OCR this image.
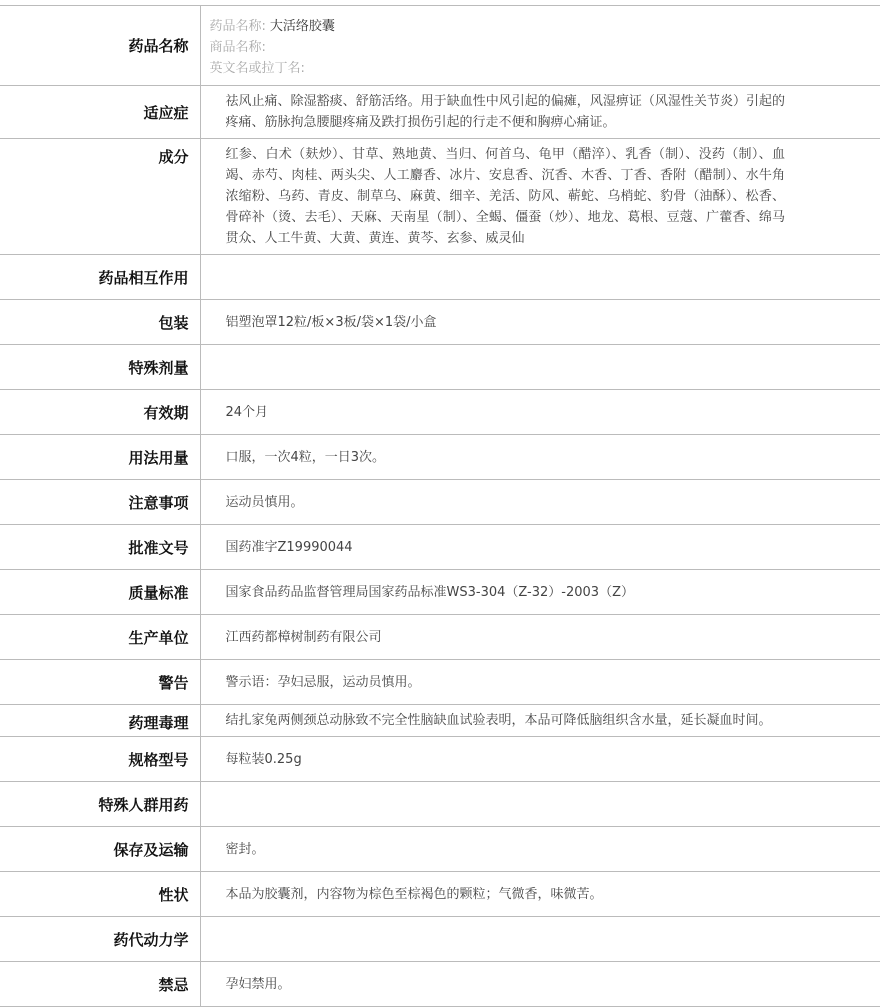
药品名称	药品名称: 大活络胶囊
商品名称:
英文名或拉丁名:

适应症	祛风止痛、除湿豁痰、舒筋活络。用于缺血性中风引起的偏瘫，风湿痹证（风湿性关节炎）引起的疼痛、筋脉拘急腰腿疼痛及跌打损伤引起的行走不便和胸痹心痛证。
成分	红参、白术（麸炒）、甘草、熟地黄、当归、何首乌、龟甲（醋淬）、乳香（制）、没药（制）、血竭、赤芍、肉桂、两头尖、人工麝香、冰片、安息香、沉香、木香、丁香、香附（醋制）、水牛角浓缩粉、乌药、青皮、制草乌、麻黄、细辛、羌活、防风、蕲蛇、乌梢蛇、豹骨（油酥）、松香、骨碎补（烫、去毛）、天麻、天南星（制）、全蝎、僵蚕（炒）、地龙、葛根、豆蔻、广藿香、绵马贯众、人工牛黄、大黄、黄连、黄芩、玄参、威灵仙
药品相互作用	
包装	铝塑泡罩12粒/板×3板/袋×1袋/小盒
特殊剂量	
有效期	24个月
用法用量	口服，一次4粒，一日3次。
注意事项	运动员慎用。
批准文号	国药准字Z19990044
质量标准	国家食品药品监督管理局国家药品标准WS3-304（Z-32）-2003（Z）
生产单位	江西药都樟树制药有限公司
警告	警示语：孕妇忌服，运动员慎用。
药理毒理	结扎家兔两侧颈总动脉致不完全性脑缺血试验表明，本品可降低脑组织含水量，延长凝血时间。
规格型号	每粒装0.25g
特殊人群用药	
保存及运输	密封。
性状	本品为胶囊剂，内容物为棕色至棕褐色的颗粒；气微香，味微苦。
药代动力学	
禁忌	孕妇禁用。
